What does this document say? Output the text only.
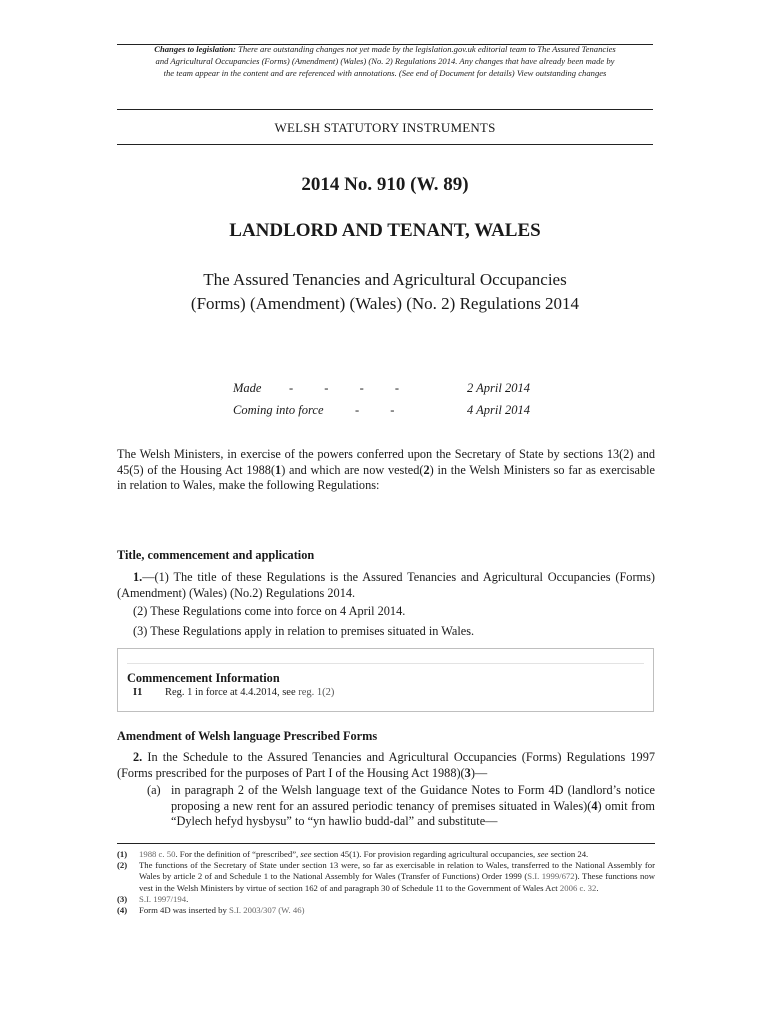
Changes to legislation: There are outstanding changes not yet made by the legislation.gov.uk editorial team to The Assured Tenancies and Agricultural Occupancies (Forms) (Amendment) (Wales) (No. 2) Regulations 2014. Any changes that have already been made by the team appear in the content and are referenced with annotations. (See end of Document for details) View outstanding changes
WELSH STATUTORY INSTRUMENTS
2014 No. 910 (W. 89)
LANDLORD AND TENANT, WALES
The Assured Tenancies and Agricultural Occupancies
(Forms) (Amendment) (Wales) (No. 2) Regulations 2014
Made - - - -	2 April 2014
Coming into force	- -	4 April 2014
The Welsh Ministers, in exercise of the powers conferred upon the Secretary of State by sections 13(2) and 45(5) of the Housing Act 1988(1) and which are now vested(2) in the Welsh Ministers so far as exercisable in relation to Wales, make the following Regulations:
Title, commencement and application
1.—(1) The title of these Regulations is the Assured Tenancies and Agricultural Occupancies (Forms) (Amendment) (Wales) (No.2) Regulations 2014.
(2) These Regulations come into force on 4 April 2014.
(3) These Regulations apply in relation to premises situated in Wales.
Commencement Information
I1 Reg. 1 in force at 4.4.2014, see reg. 1(2)
Amendment of Welsh language Prescribed Forms
2. In the Schedule to the Assured Tenancies and Agricultural Occupancies (Forms) Regulations 1997 (Forms prescribed for the purposes of Part I of the Housing Act 1988)(3)—
(a) in paragraph 2 of the Welsh language text of the Guidance Notes to Form 4D (landlord’s notice proposing a new rent for an assured periodic tenancy of premises situated in Wales)(4) omit from “Dylech hefyd hysbysu” to “yn hawlio budd-dal” and substitute—
(1) 1988 c. 50. For the definition of “prescribed”, see section 45(1). For provision regarding agricultural occupancies, see section 24.
(2) The functions of the Secretary of State under section 13 were, so far as exercisable in relation to Wales, transferred to the National Assembly for Wales by article 2 of and Schedule 1 to the National Assembly for Wales (Transfer of Functions) Order 1999 (S.I. 1999/672). These functions now vest in the Welsh Ministers by virtue of section 162 of and paragraph 30 of Schedule 11 to the Government of Wales Act 2006 c. 32.
(3) S.I. 1997/194.
(4) Form 4D was inserted by S.I. 2003/307 (W. 46)
